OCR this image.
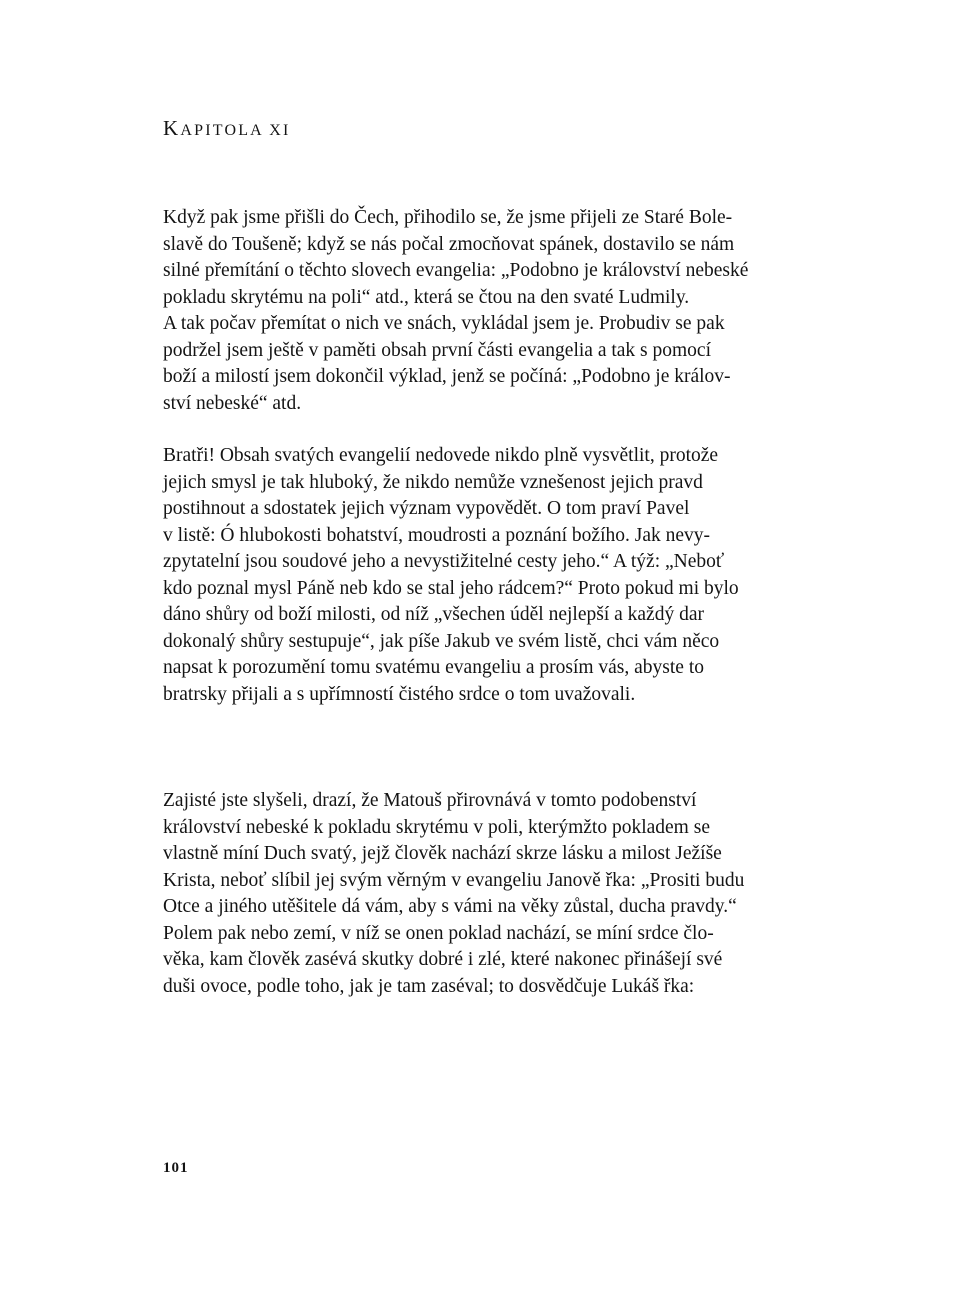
KAPITOLA XI
Když pak jsme přišli do Čech, přihodilo se, že jsme přijeli ze Staré Bole-
slavě do Toušeně; když se nás počal zmocňovat spánek, dostavilo se nám
silné přemítání o těchto slovech evangelia: „Podobno je království nebeské
pokladu skrytému na poli“ atd., která se čtou na den svaté Ludmily.
A tak počav přemítat o nich ve snách, vykládal jsem je. Probudiv se pak
podržel jsem ještě v paměti obsah první části evangelia a tak s pomocí
boží a milostí jsem dokončil výklad, jenž se počíná: „Podobno je králov-
ství nebeské“ atd.
Bratři! Obsah svatých evangelií nedovede nikdo plně vysvětlit, protože
jejich smysl je tak hluboký, že nikdo nemůže vznešenost jejich pravd
postihnout a sdostatek jejich význam vypovědět. O tom praví Pavel
v listě: Ó hlubokosti bohatství, moudrosti a poznání božího. Jak nevy-
zpytatelní jsou soudové jeho a nevystižitelné cesty jeho.“ A týž: „Neboť
kdo poznal mysl Páně neb kdo se stal jeho rádcem?“ Proto pokud mi bylo
dáno shůry od boží milosti, od níž „všechen úděl nejlepší a každý dar
dokonalý shůry sestupuje“, jak píše Jakub ve svém listě, chci vám něco
napsat k porozumění tomu svatému evangeliu a prosím vás, abyste to
bratrsky přijali a s upřímností čistého srdce o tom uvažovali.
Zajisté jste slyšeli, drazí, že Matouš přirovnává v tomto podobenství
království nebeské k pokladu skrytému v poli, kterýmžto pokladem se
vlastně míní Duch svatý, jejž člověk nachází skrze lásku a milost Ježíše
Krista, neboť slíbil jej svým věrným v evangeliu Janově řka: „Prositi budu
Otce a jiného utěšitele dá vám, aby s vámi na věky zůstal, ducha pravdy.“
Polem pak nebo zemí, v níž se onen poklad nachází, se míní srdce člo-
věka, kam člověk zasévá skutky dobré i zlé, které nakonec přinášejí své
duši ovoce, podle toho, jak je tam zaséval; to dosvědčuje Lukáš řka:
101
